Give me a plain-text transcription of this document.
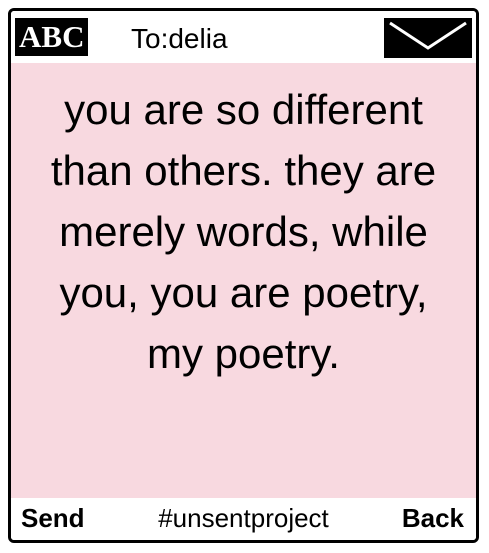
ABC To:delia
you are so different than others. they are merely words, while you, you are poetry, my poetry.
#unsentproject
Send	Back
